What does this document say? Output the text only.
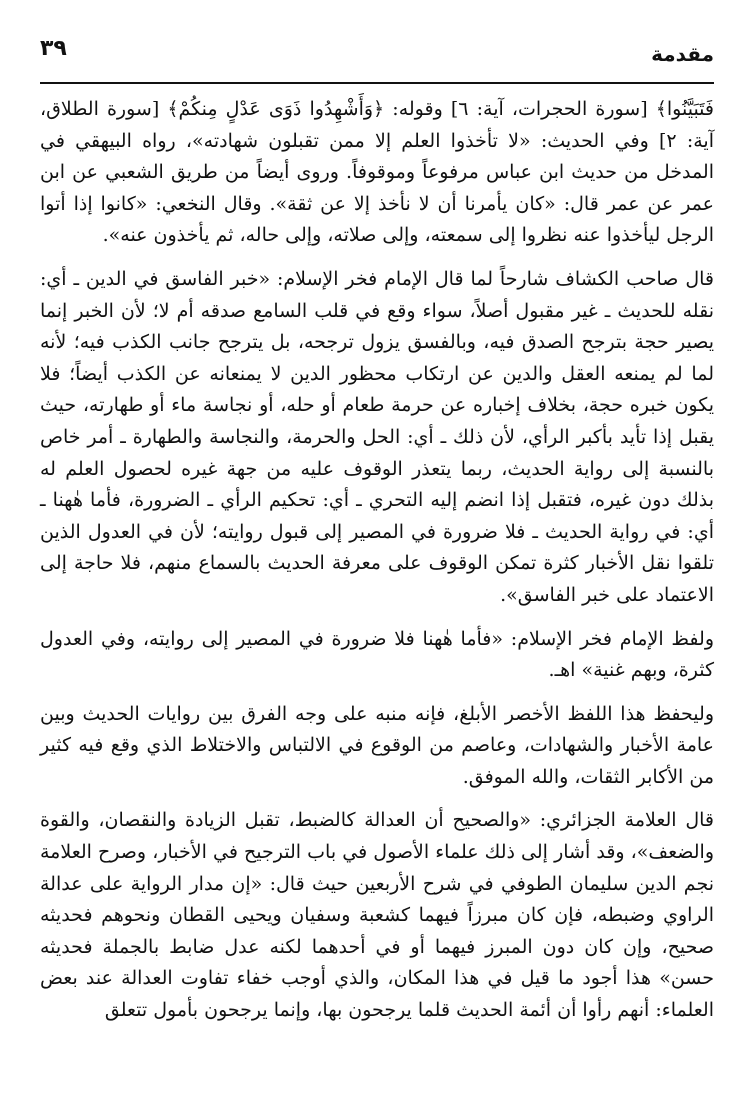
مقدمة
٣٩

فَتَبَيَّنُوا﴾ [سورة الحجرات، آية: ٦] وقوله: ﴿وَأَشْهِدُوا ذَوَى عَدْلٍ مِنكُمْ﴾ [سورة الطلاق، آية: ٢] وفي الحديث: «لا تأخذوا العلم إلا ممن تقبلون شهادته»، رواه البيهقي في المدخل من حديث ابن عباس مرفوعاً وموقوفاً. وروى أيضاً من طريق الشعبي عن ابن عمر عن عمر قال: «كان يأمرنا أن لا نأخذ إلا عن ثقة». وقال النخعي: «كانوا إذا أتوا الرجل ليأخذوا عنه نظروا إلى سمعته، وإلى صلاته، وإلى حاله، ثم يأخذون عنه».

قال صاحب الكشاف شارحاً لما قال الإمام فخر الإسلام: «خبر الفاسق في الدين ـ أي: نقله للحديث ـ غير مقبول أصلاً، سواء وقع في قلب السامع صدقه أم لا؛ لأن الخبر إنما يصير حجة بترجح الصدق فيه، وبالفسق يزول ترجحه، بل يترجح جانب الكذب فيه؛ لأنه لما لم يمنعه العقل والدين عن ارتكاب محظور الدين لا يمنعانه عن الكذب أيضاً؛ فلا يكون خبره حجة، بخلاف إخباره عن حرمة طعام أو حله، أو نجاسة ماء أو طهارته، حيث يقبل إذا تأيد بأكبر الرأي، لأن ذلك ـ أي: الحل والحرمة، والنجاسة والطهارة ـ أمر خاص بالنسبة إلى رواية الحديث، ربما يتعذر الوقوف عليه من جهة غيره لحصول العلم له بذلك دون غيره، فتقبل إذا انضم إليه التحري ـ أي: تحكيم الرأي ـ الضرورة، فأما هٰهنا ـ أي: في رواية الحديث ـ فلا ضرورة في المصير إلى قبول روايته؛ لأن في العدول الذين تلقوا نقل الأخبار كثرة تمكن الوقوف على معرفة الحديث بالسماع منهم، فلا حاجة إلى الاعتماد على خبر الفاسق».

ولفظ الإمام فخر الإسلام: «فأما هٰهنا فلا ضرورة في المصير إلى روايته، وفي العدول كثرة، وبهم غنية» اهـ.

وليحفظ هذا اللفظ الأخصر الأبلغ، فإنه منبه على وجه الفرق بين روايات الحديث وبين عامة الأخبار والشهادات، وعاصم من الوقوع في الالتباس والاختلاط الذي وقع فيه كثير من الأكابر الثقات، والله الموفق.

قال العلامة الجزائري: «والصحيح أن العدالة كالضبط، تقبل الزيادة والنقصان، والقوة والضعف»، وقد أشار إلى ذلك علماء الأصول في باب الترجيح في الأخبار، وصرح العلامة نجم الدين سليمان الطوفي في شرح الأربعين حيث قال: «إن مدار الرواية على عدالة الراوي وضبطه، فإن كان مبرزاً فيهما كشعبة وسفيان ويحيى القطان ونحوهم فحديثه صحيح، وإن كان دون المبرز فيهما أو في أحدهما لكنه عدل ضابط بالجملة فحديثه حسن» هذا أجود ما قيل في هذا المكان، والذي أوجب خفاء تفاوت العدالة عند بعض العلماء: أنهم رأوا أن أئمة الحديث قلما يرجحون بها، وإنما يرجحون بأمول تتعلق
